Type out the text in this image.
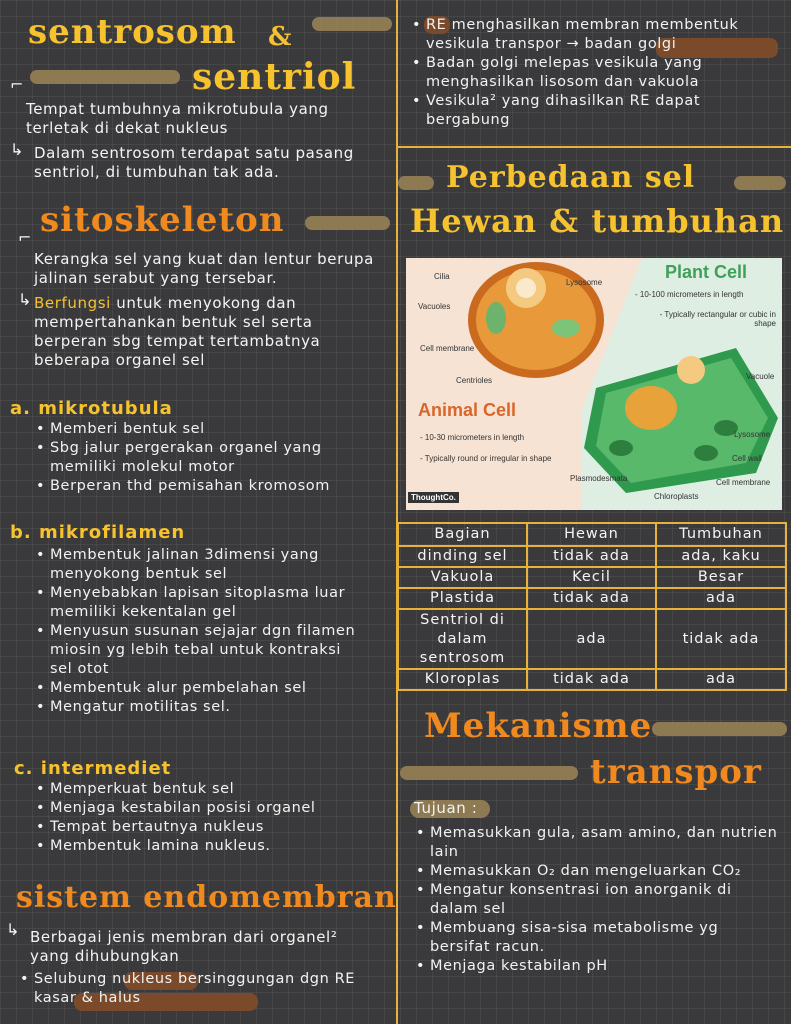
sentrosom &
sentriol
⌐
Tempat tumbuhnya mikrotubula yang terletak di dekat nukleus
↳ Dalam sentrosom terdapat satu pasang sentriol, di tumbuhan tak ada.
⌐ sitoskeleton
Kerangka sel yang kuat dan lentur berupa jalinan serabut yang tersebar.
↳ Berfungsi untuk menyokong dan mempertahankan bentuk sel serta berperan sbg tempat tertambatnya beberapa organel sel
a. mikrotubula
• Memberi bentuk sel
• Sbg jalur pergerakan organel yang memiliki molekul motor
• Berperan thd pemisahan kromosom
b. mikrofilamen
• Membentuk jalinan 3dimensi yang menyokong bentuk sel
• Menyebabkan lapisan sitoplasma luar memiliki kekentalan gel
• Menyusun susunan sejajar dgn filamen miosin yg lebih tebal untuk kontraksi sel otot
• Membentuk alur pembelahan sel
• Mengatur motilitas sel.
c. intermediet
• Memperkuat bentuk sel
• Menjaga kestabilan posisi organel
• Tempat bertautnya nukleus
• Membentuk lamina nukleus.
sistem endomembran
↳ Berbagai jenis membran dari organel² yang dihubungkan
• Selubung nukleus bersinggungan dgn RE kasar & halus
• RE menghasilkan membran membentuk vesikula transpor → badan golgi
• Badan golgi melepas vesikula yang menghasilkan lisosom dan vakuola
• Vesikula² yang dihasilkan RE dapat bergabung
Perbedaan sel
Hewan & tumbuhan
Cilia
Vacuoles
Cell membrane
Centrioles
Lysosome
Plant Cell
- 10-100 micrometers in length
- Typically rectangular or cubic in shape
Vacuole
Lysosome
Cell wall
Cell membrane
Chloroplasts
Plasmodesmata
Animal Cell
- 10-30 micrometers in length
- Typically round or irregular in shape
ThoughtCo.
Bagian	Hewan	Tumbuhan
dinding sel	tidak ada	ada, kaku
Vakuola	Kecil	Besar
Plastida	tidak ada	ada
Sentriol di dalam sentrosom	ada	tidak ada
Kloroplas	tidak ada	ada
Mekanisme
transpor
Tujuan :
• Memasukkan gula, asam amino, dan nutrien lain
• Memasukkan O₂ dan mengeluarkan CO₂
• Mengatur konsentrasi ion anorganik di dalam sel
• Membuang sisa-sisa metabolisme yg bersifat racun.
• Menjaga kestabilan pH
